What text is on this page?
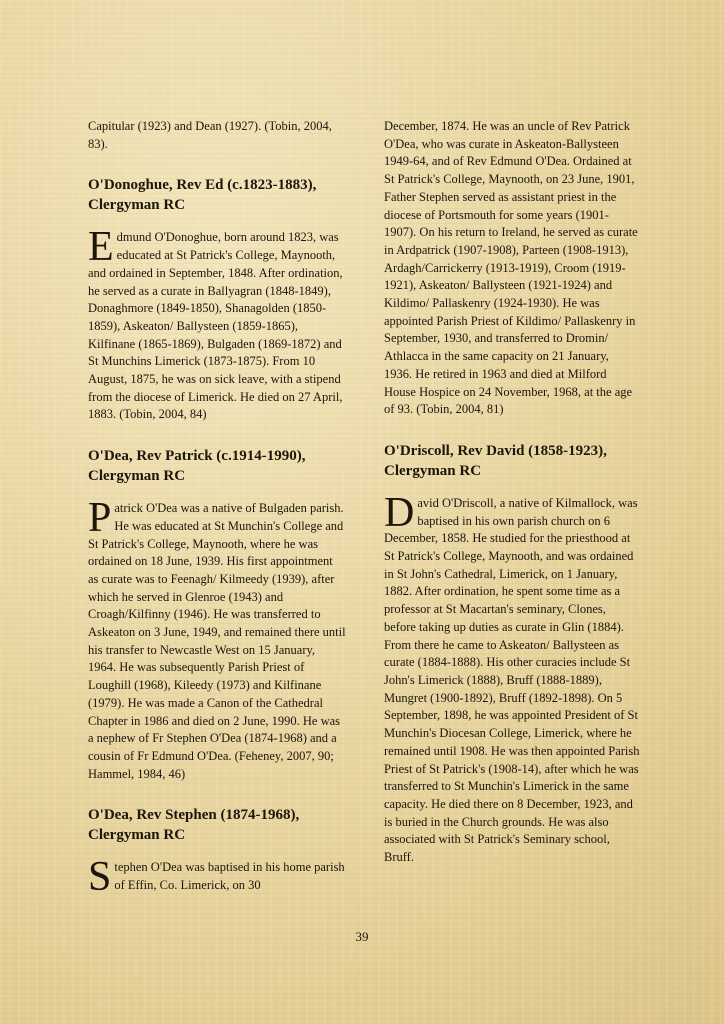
Capitular (1923) and Dean (1927). (Tobin, 2004, 83).

O'Donoghue, Rev Ed (c.1823-1883), Clergyman RC

Edmund O'Donoghue, born around 1823, was educated at St Patrick's College, Maynooth, and ordained in September, 1848. After ordination, he served as a curate in Ballyagran (1848-1849), Donaghmore (1849-1850), Shanagolden (1850-1859), Askeaton/ Ballysteen (1859-1865), Kilfinane (1865-1869), Bulgaden (1869-1872) and St Munchins Limerick (1873-1875). From 10 August, 1875, he was on sick leave, with a stipend from the diocese of Limerick. He died on 27 April, 1883. (Tobin, 2004, 84)

O'Dea, Rev Patrick (c.1914-1990), Clergyman RC

Patrick O'Dea was a native of Bulgaden parish. He was educated at St Munchin's College and St Patrick's College, Maynooth, where he was ordained on 18 June, 1939. His first appointment as curate was to Feenagh/ Kilmeedy (1939), after which he served in Glenroe (1943) and Croagh/Kilfinny (1946). He was transferred to Askeaton on 3 June, 1949, and remained there until his transfer to Newcastle West on 15 January, 1964. He was subsequently Parish Priest of Loughill (1968), Kileedy (1973) and Kilfinane (1979). He was made a Canon of the Cathedral Chapter in 1986 and died on 2 June, 1990. He was a nephew of Fr Stephen O'Dea (1874-1968) and a cousin of Fr Edmund O'Dea. (Feheney, 2007, 90; Hammel, 1984, 46)

O'Dea, Rev Stephen (1874-1968), Clergyman RC

Stephen O'Dea was baptised in his home parish of Effin, Co. Limerick, on 30

December, 1874. He was an uncle of Rev Patrick O'Dea, who was curate in Askeaton-Ballysteen 1949-64, and of Rev Edmund O'Dea. Ordained at St Patrick's College, Maynooth, on 23 June, 1901, Father Stephen served as assistant priest in the diocese of Portsmouth for some years (1901-1907). On his return to Ireland, he served as curate in Ardpatrick (1907-1908), Parteen (1908-1913), Ardagh/Carrickerry (1913-1919), Croom (1919-1921), Askeaton/ Ballysteen (1921-1924) and Kildimo/ Pallaskenry (1924-1930). He was appointed Parish Priest of Kildimo/ Pallaskenry in September, 1930, and transferred to Dromin/ Athlacca in the same capacity on 21 January, 1936. He retired in 1963 and died at Milford House Hospice on 24 November, 1968, at the age of 93. (Tobin, 2004, 81)

O'Driscoll, Rev David (1858-1923), Clergyman RC

David O'Driscoll, a native of Kilmallock, was baptised in his own parish church on 6 December, 1858. He studied for the priesthood at St Patrick's College, Maynooth, and was ordained in St John's Cathedral, Limerick, on 1 January, 1882. After ordination, he spent some time as a professor at St Macartan's seminary, Clones, before taking up duties as curate in Glin (1884). From there he came to Askeaton/ Ballysteen as curate (1884-1888). His other curacies include St John's Limerick (1888), Bruff (1888-1889), Mungret (1900-1892), Bruff (1892-1898). On 5 September, 1898, he was appointed President of St Munchin's Diocesan College, Limerick, where he remained until 1908. He was then appointed Parish Priest of St Patrick's (1908-14), after which he was transferred to St Munchin's Limerick in the same capacity. He died there on 8 December, 1923, and is buried in the Church grounds. He was also associated with St Patrick's Seminary school, Bruff.

39
